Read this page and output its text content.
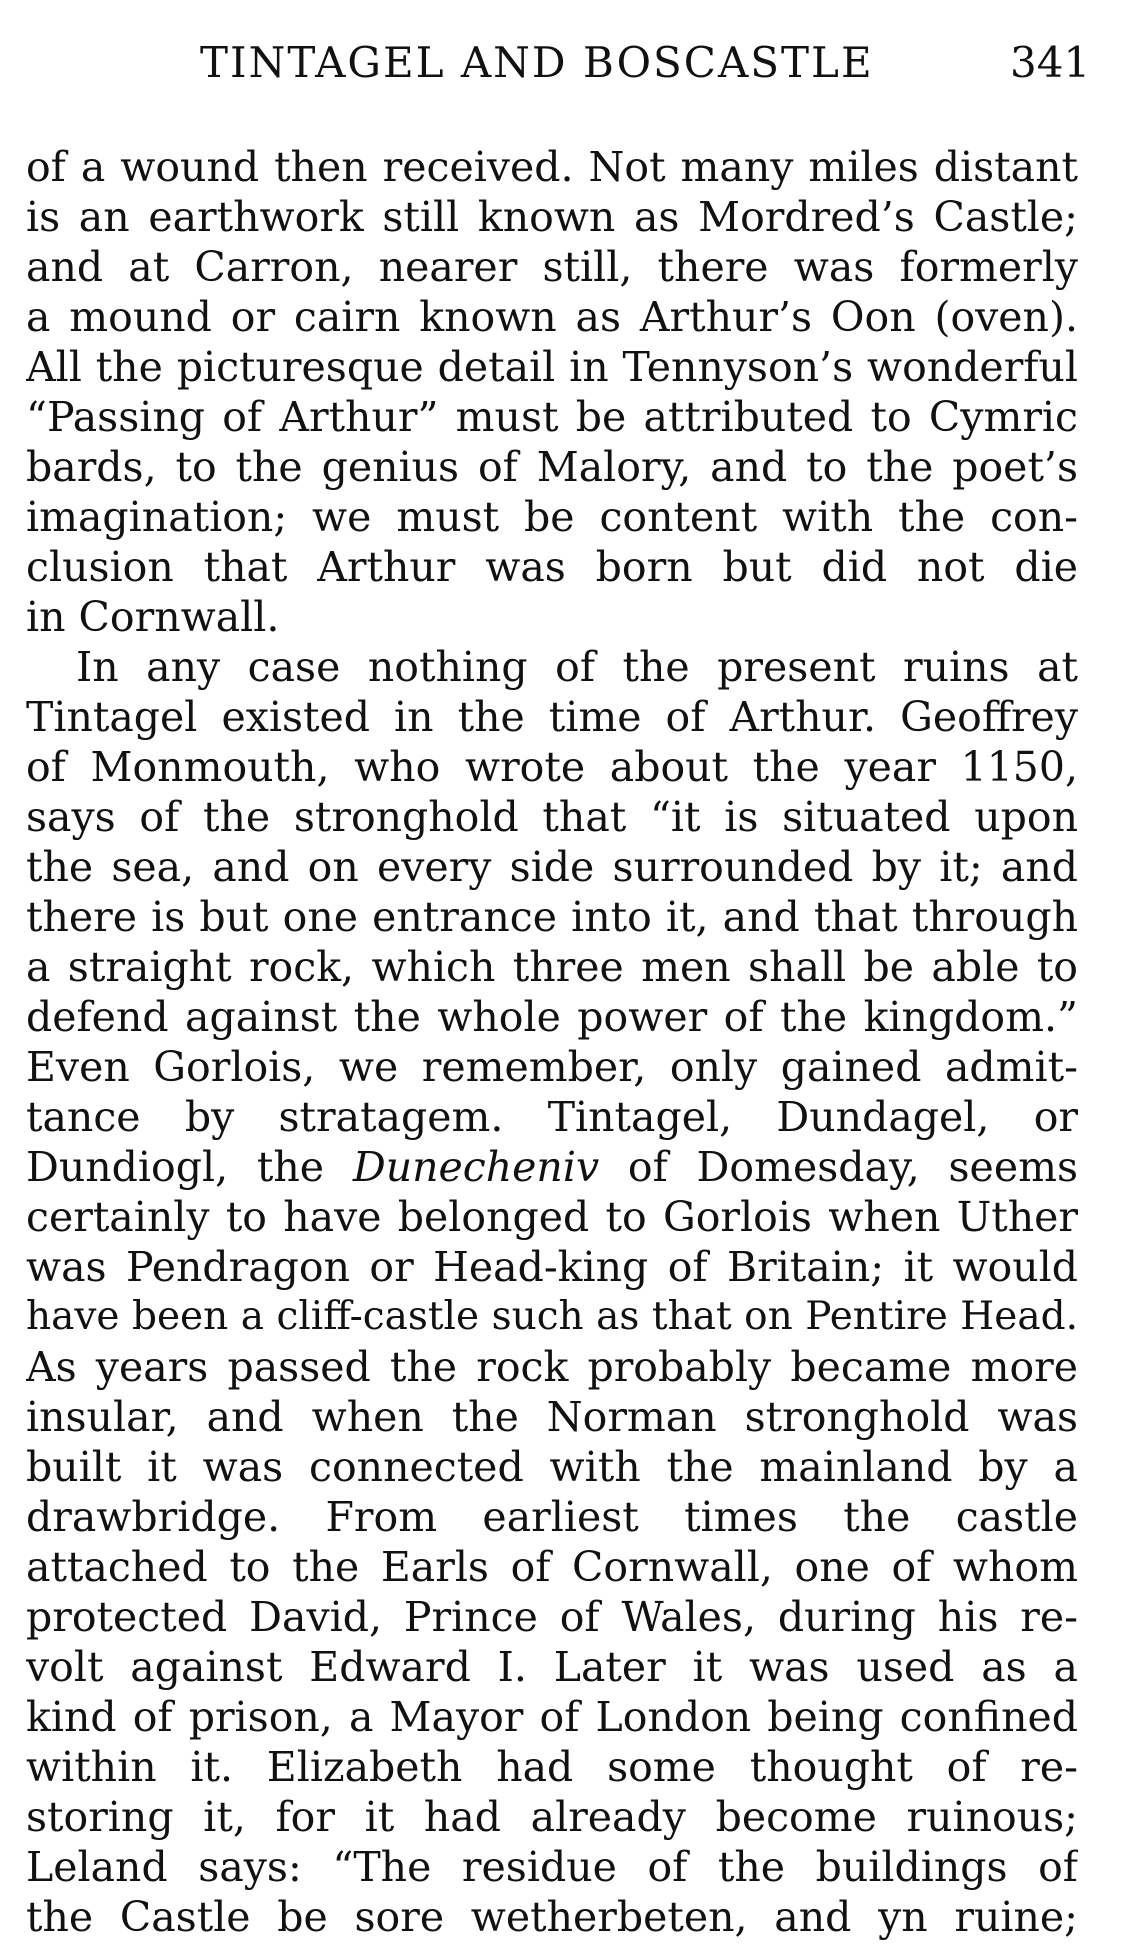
TINTAGEL AND BOSCASTLE	341
of a wound then received. Not many miles distant
is an earthwork still known as Mordred’s Castle;
and at Carron, nearer still, there was formerly
a mound or cairn known as Arthur’s Oon (oven).
All the picturesque detail in Tennyson’s wonderful
“Passing of Arthur” must be attributed to Cymric
bards, to the genius of Malory, and to the poet’s
imagination; we must be content with the con-
clusion that Arthur was born but did not die
in Cornwall.
In any case nothing of the present ruins at
Tintagel existed in the time of Arthur. Geoffrey
of Monmouth, who wrote about the year 1150,
says of the stronghold that “it is situated upon
the sea, and on every side surrounded by it; and
there is but one entrance into it, and that through
a straight rock, which three men shall be able to
defend against the whole power of the kingdom.”
Even Gorlois, we remember, only gained admit-
tance by stratagem. Tintagel, Dundagel, or
Dundiogl, the Dunecheniv of Domesday, seems
certainly to have belonged to Gorlois when Uther
was Pendragon or Head-king of Britain; it would
have been a cliff-castle such as that on Pentire Head.
As years passed the rock probably became more
insular, and when the Norman stronghold was
built it was connected with the mainland by a
drawbridge. From earliest times the castle
attached to the Earls of Cornwall, one of whom
protected David, Prince of Wales, during his re-
volt against Edward I. Later it was used as a
kind of prison, a Mayor of London being confined
within it. Elizabeth had some thought of re-
storing it, for it had already become ruinous;
Leland says: “The residue of the buildings of
the Castle be sore wetherbeten, and yn ruine;
